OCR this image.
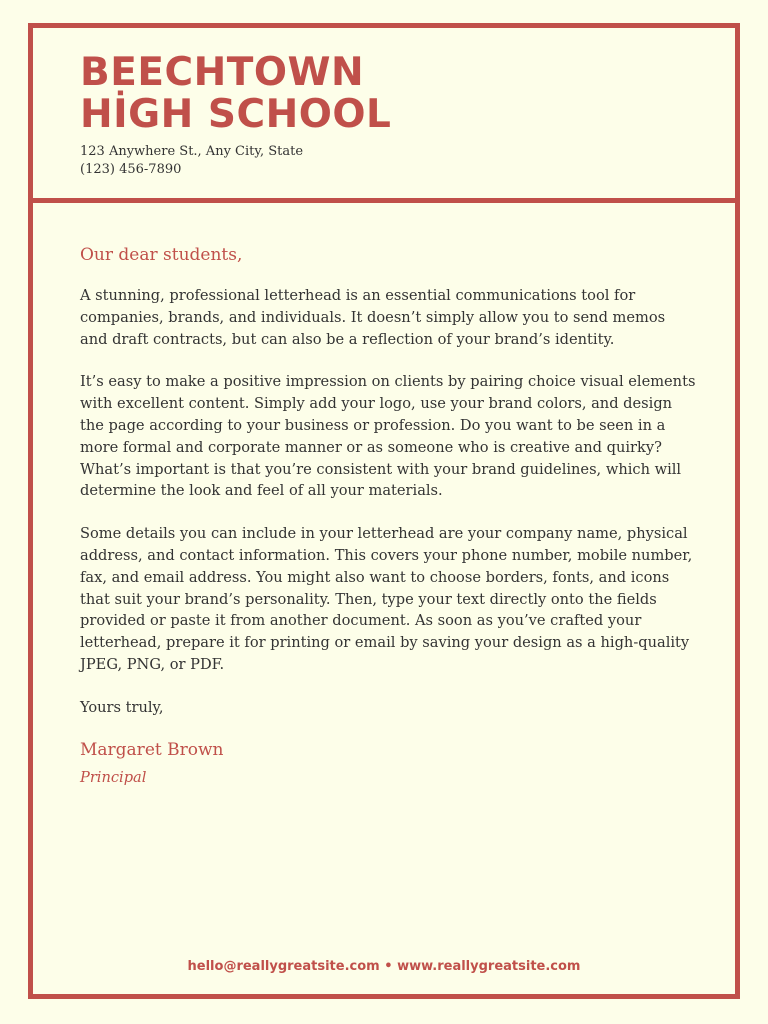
BEECHTOWN
HİGH SCHOOL
123 Anywhere St., Any City, State
(123) 456-7890

Our dear students,

A stunning, professional letterhead is an essential communications tool for companies, brands, and individuals. It doesn’t simply allow you to send memos and draft contracts, but can also be a reflection of your brand’s identity.

It’s easy to make a positive impression on clients by pairing choice visual elements with excellent content. Simply add your logo, use your brand colors, and design the page according to your business or profession. Do you want to be seen in a more formal and corporate manner or as someone who is creative and quirky? What’s important is that you’re consistent with your brand guidelines, which will determine the look and feel of all your materials.

Some details you can include in your letterhead are your company name, physical address, and contact information. This covers your phone number, mobile number, fax, and email address. You might also want to choose borders, fonts, and icons that suit your brand’s personality. Then, type your text directly onto the fields provided or paste it from another document. As soon as you’ve crafted your letterhead, prepare it for printing or email by saving your design as a high-quality JPEG, PNG, or PDF.

Yours truly,

Margaret Brown

Principal

hello@reallygreatsite.com • www.reallygreatsite.com
